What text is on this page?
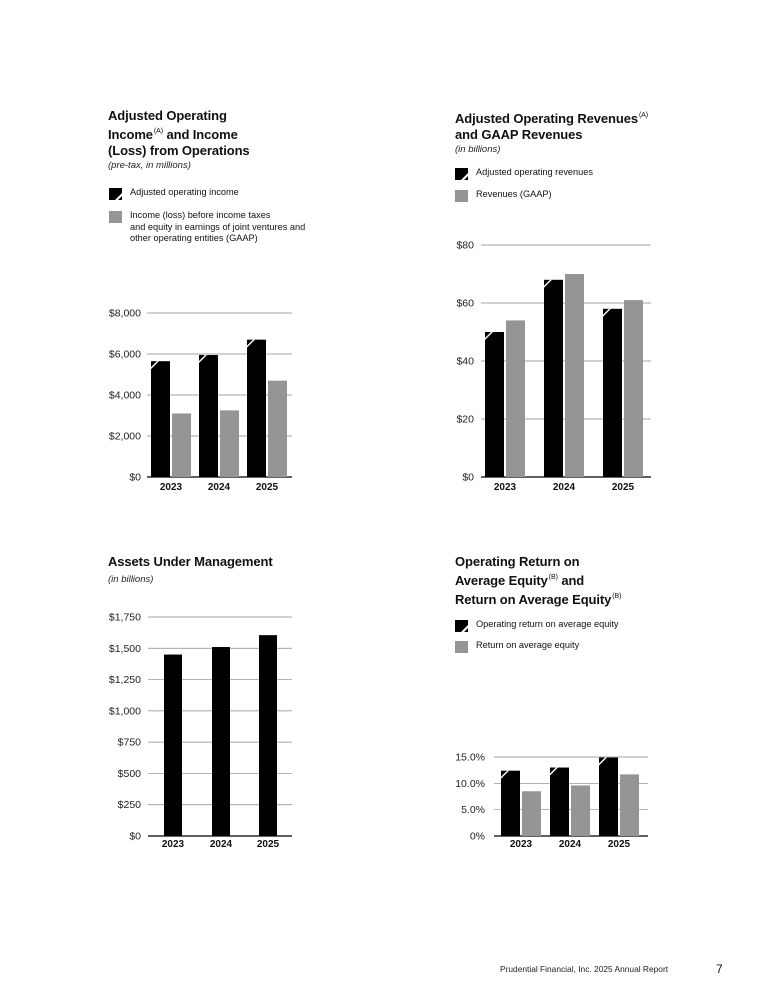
Adjusted Operating
Income$^{(A)}$ and Income
(Loss) from Operations
(pre-tax, in millions)
Adjusted operating income
Income (loss) before income taxes
and equity in earnings of joint ventures and
other operating entities (GAAP)
Adjusted Operating Revenues$^{(A)}$
and GAAP Revenues
(in billions)
Adjusted operating revenues
Revenues (GAAP)
Assets Under Management
(in billions)
Operating Return on
Average Equity$^{(B)}$ and
Return on Average Equity$^{(B)}$
Operating return on average equity
Return on average equity
$0
$2,000
$4,000
$6,000
$8,000
2023	2024	2025
$0
$20
$40
$60
$80
2023	2024	2025
$0
$250
$500
$750
$1,000
$1,250
$1,500
$1,750
2023	2024 2025
0%
5.0%
10.0%
15.0%
2023	2024	2025
Prudential Financial, Inc. 2025 Annual Report	7
